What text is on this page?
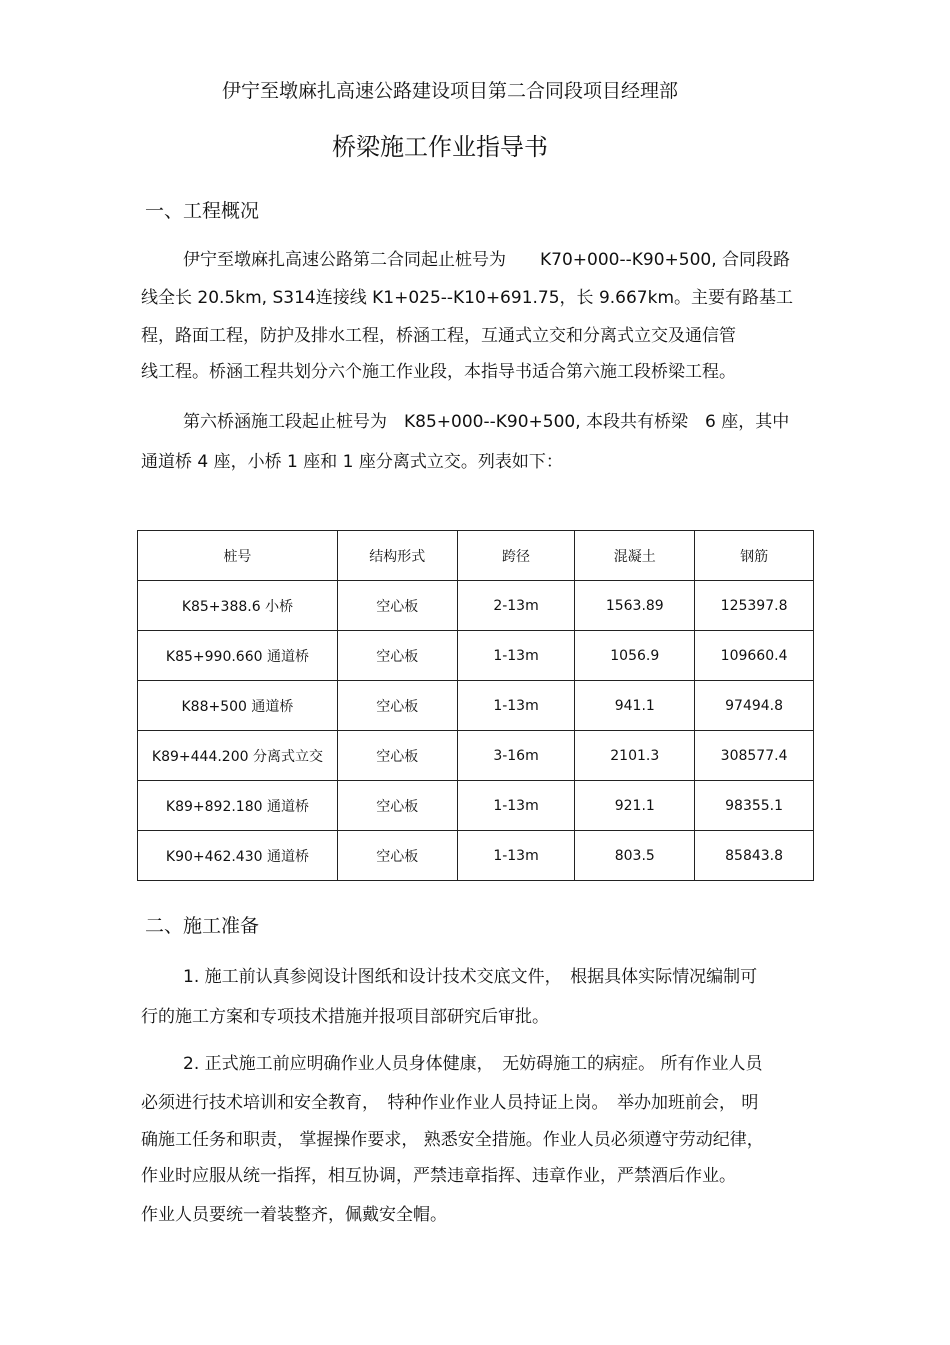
伊宁至墩麻扎高速公路建设项目第二合同段项目经理部
桥梁施工作业指导书
一、工程概况
伊宁至墩麻扎高速公路第二合同起止桩号为　　K70+000--K90+500, 合同段路
线全长 20.5km, S314连接线 K1+025--K10+691.75，长 9.667km。主要有路基工
程，路面工程，防护及排水工程，桥涵工程，互通式立交和分离式立交及通信管
线工程。桥涵工程共划分六个施工作业段，本指导书适合第六施工段桥梁工程。
第六桥涵施工段起止桩号为　K85+000--K90+500, 本段共有桥梁　6 座，其中
通道桥 4 座，小桥 1 座和 1 座分离式立交。列表如下：
桩号	结构形式	跨径	混凝土	钢筋
K85+388.6 小桥	空心板	2-13m	1563.89	125397.8
K85+990.660 通道桥	空心板	1-13m	1056.9	109660.4
K88+500 通道桥	空心板	1-13m	941.1	97494.8
K89+444.200 分离式立交	空心板	3-16m	2101.3	308577.4
K89+892.180 通道桥	空心板	1-13m	921.1	98355.1
K90+462.430 通道桥	空心板	1-13m	803.5	85843.8
二、施工准备
1. 施工前认真参阅设计图纸和设计技术交底文件，　根据具体实际情况编制可
行的施工方案和专项技术措施并报项目部研究后审批。
2. 正式施工前应明确作业人员身体健康，　无妨碍施工的病症。 所有作业人员
必须进行技术培训和安全教育，　特种作业作业人员持证上岗。　举办加班前会， 明
确施工任务和职责， 掌握操作要求， 熟悉安全措施。作业人员必须遵守劳动纪律，
作业时应服从统一指挥，相互协调，严禁违章指挥、违章作业，严禁酒后作业。
作业人员要统一着装整齐，佩戴安全帽。
